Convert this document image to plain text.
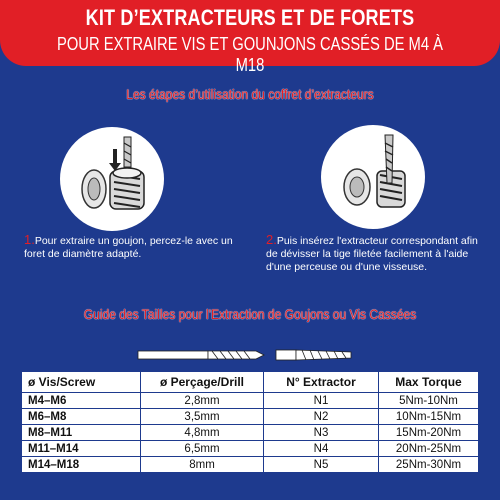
KIT D’EXTRACTEURS ET DE FORETS
POUR EXTRAIRE VIS ET GOUNJONS CASSÉS DE M4 À M18
Les étapes d’utilisation du coffret d’extracteurs
1.Pour extraire un goujon, percez-le avec un foret de diamètre adapté.
2.Puis insérez l'extracteur correspondant afin de dévisser la tige filetée facilement à l'aide d'une perceuse ou d'une visseuse.
Guide des Tailles pour l'Extraction de Goujons ou Vis Cassées
ø Vis/Screw	ø Perçage/Drill	N° Extractor	Max Torque
M4–M6	2,8mm	N1	5Nm-10Nm
M6–M8	3,5mm	N2	10Nm-15Nm
M8–M11	4,8mm	N3	15Nm-20Nm
M11–M14	6,5mm	N4	20Nm-25Nm
M14–M18	8mm	N5	25Nm-30Nm
